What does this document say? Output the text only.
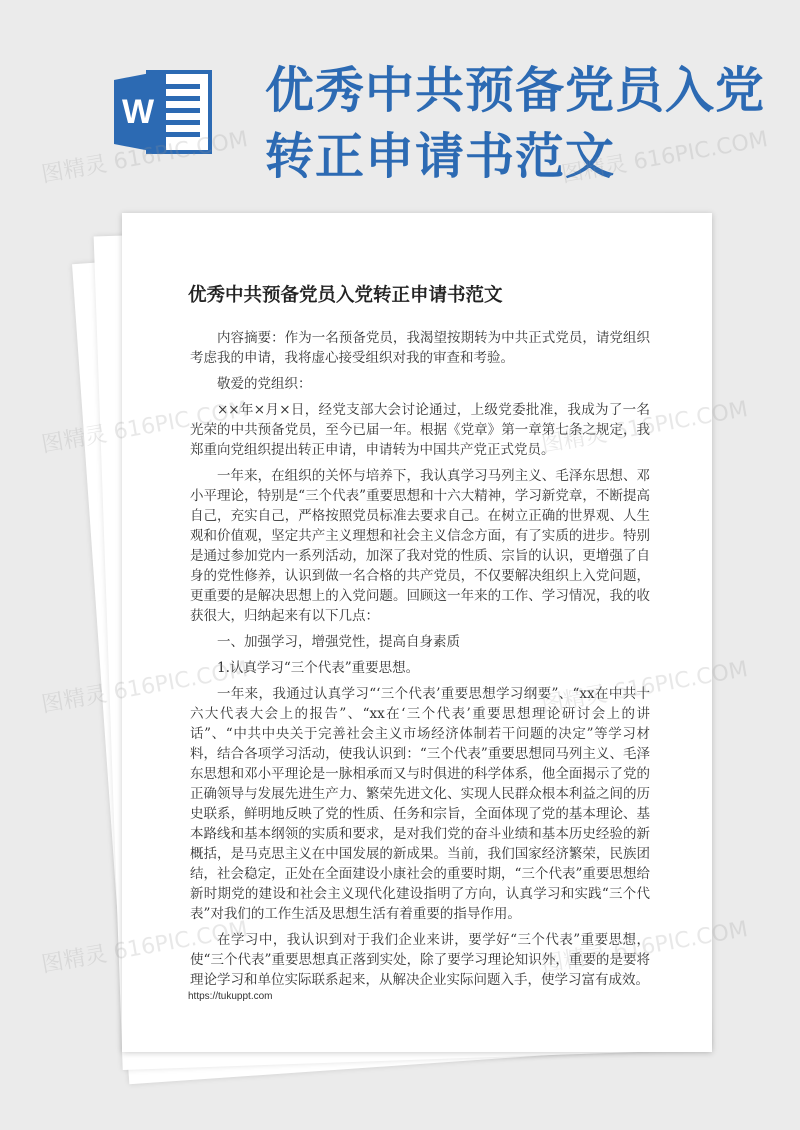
W 优秀中共预备党员入党转正申请书范文
优秀中共预备党员入党转正申请书范文

内容摘要：作为一名预备党员，我渴望按期转为中共正式党员，请党组织考虑我的申请，我将虚心接受组织对我的审查和考验。

敬爱的党组织：

××年×月×日，经党支部大会讨论通过，上级党委批准，我成为了一名光荣的中共预备党员，至今已届一年。根据《党章》第一章第七条之规定，我郑重向党组织提出转正申请，申请转为中国共产党正式党员。

一年来，在组织的关怀与培养下，我认真学习马列主义、毛泽东思想、邓小平理论，特别是“三个代表”重要思想和十六大精神，学习新党章，不断提高自己，充实自己，严格按照党员标准去要求自己。在树立正确的世界观、人生观和价值观，坚定共产主义理想和社会主义信念方面，有了实质的进步。特别是通过参加党内一系列活动，加深了我对党的性质、宗旨的认识，更增强了自身的党性修养，认识到做一名合格的共产党员，不仅要解决组织上入党问题，更重要的是解决思想上的入党问题。回顾这一年来的工作、学习情况，我的收获很大，归纳起来有以下几点：

一、加强学习，增强党性，提高自身素质

1.认真学习“三个代表”重要思想。

一年来，我通过认真学习“‘三个代表’重要思想学习纲要”、“xx在中共十六大代表大会上的报告”、“xx在‘三个代表’重要思想理论研讨会上的讲话”、“中共中央关于完善社会主义市场经济体制若干问题的决定”等学习材料，结合各项学习活动，使我认识到：“三个代表”重要思想同马列主义、毛泽东思想和邓小平理论是一脉相承而又与时俱进的科学体系，他全面揭示了党的正确领导与发展先进生产力、繁荣先进文化、实现人民群众根本利益之间的历史联系，鲜明地反映了党的性质、任务和宗旨，全面体现了党的基本理论、基本路线和基本纲领的实质和要求，是对我们党的奋斗业绩和基本历史经验的新概括，是马克思主义在中国发展的新成果。当前，我们国家经济繁荣，民族团结，社会稳定，正处在全面建设小康社会的重要时期，“三个代表”重要思想给新时期党的建设和社会主义现代化建设指明了方向，认真学习和实践“三个代表”对我们的工作生活及思想生活有着重要的指导作用。

在学习中，我认识到对于我们企业来讲，要学好“三个代表”重要思想，使“三个代表”重要思想真正落到实处，除了要学习理论知识外，重要的是要将理论学习和单位实际联系起来，从解决企业实际问题入手，使学习富有成效。

https://tukuppt.com
图精灵 616PIC.COM	图精灵 616PIC.COM
图精灵 616PIC.COM	图精灵 616PIC.COM
图精灵 616PIC.COM	图精灵 616PIC.COM
图精灵 616PIC.COM	图精灵 616PIC.COM
